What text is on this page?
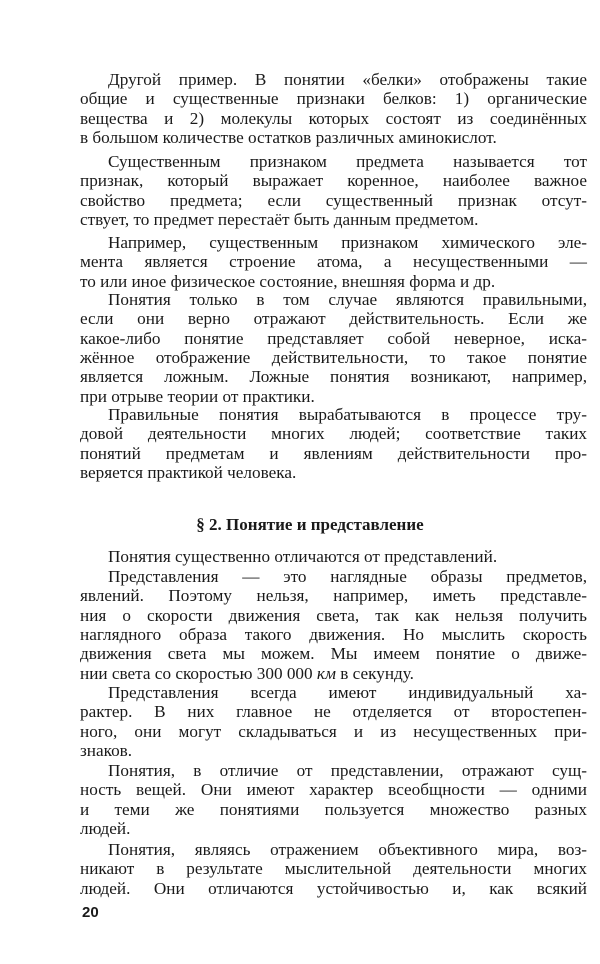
§ 2. Понятие и представление
20
Другой пример. В понятии «белки» отображены такие
общие и существенные признаки белков: 1) органические
вещества и 2) молекулы которых состоят из соединённых
в большом количестве остатков различных аминокислот.
Существенным признаком предмета называется тот
признак, который выражает коренное, наиболее важное
свойство предмета; если существенный признак отсут-
ствует, то предмет перестаёт быть данным предметом.
Например, существенным признаком химического эле-
мента является строение атома, а несущественными —
то или иное физическое состояние, внешняя форма и др.
Понятия только в том случае являются правильными,
если они верно отражают действительность. Если же
какое-либо понятие представляет собой неверное, иска-
жённое отображение действительности, то такое понятие
является ложным. Ложные понятия возникают, например,
при отрыве теории от практики.
Правильные понятия вырабатываются в процессе тру-
довой деятельности многих людей; соответствие таких
понятий предметам и явлениям действительности про-
веряется практикой человека.
Понятия существенно отличаются от представлений.
Представления — это наглядные образы предметов,
явлений. Поэтому нельзя, например, иметь представле-
ния о скорости движения света, так как нельзя получить
наглядного образа такого движения. Но мыслить скорость
движения света мы можем. Мы имеем понятие о движе-
нии света со скоростью 300 000 км в секунду.
Представления всегда имеют индивидуальный ха-
рактер. В них главное не отделяется от второстепен-
ного, они могут складываться и из несущественных при-
знаков.
Понятия, в отличие от представлении, отражают сущ-
ность вещей. Они имеют характер всеобщности — одними
и теми же понятиями пользуется множество разных
людей.
Понятия, являясь отражением объективного мира, воз-
никают в результате мыслительной деятельности многих
людей. Они отличаются устойчивостью и, как всякий
